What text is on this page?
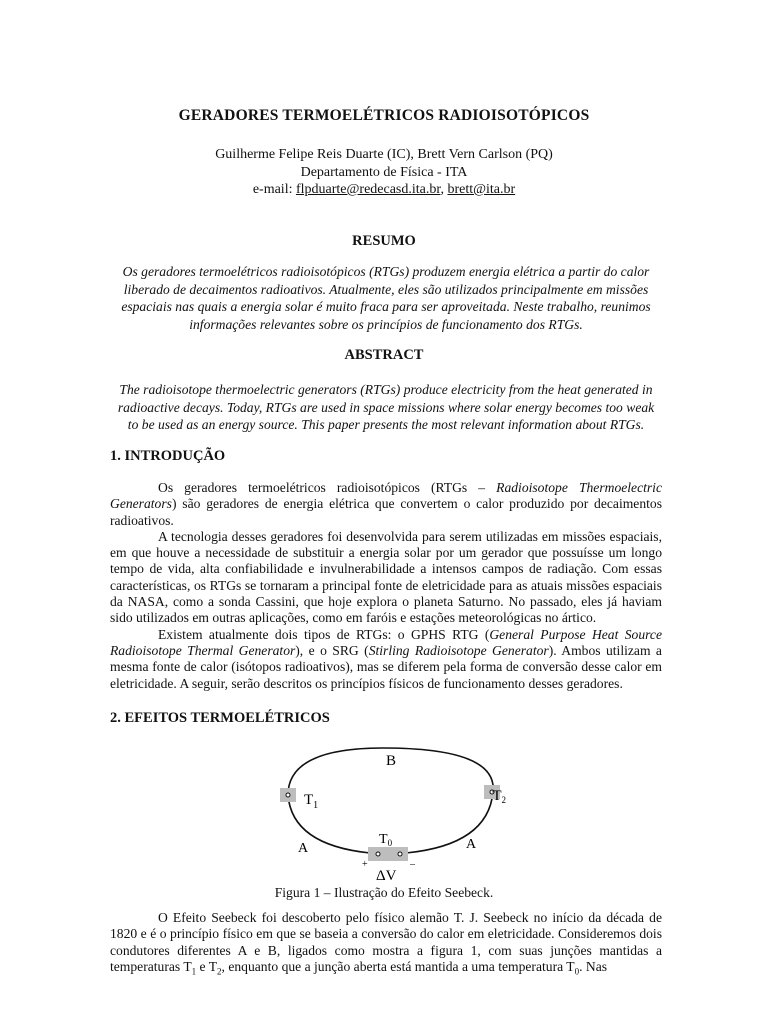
GERADORES TERMOELÉTRICOS RADIOISOTÓPICOS
Guilherme Felipe Reis Duarte (IC), Brett Vern Carlson (PQ)
Departamento de Física - ITA
e-mail: flpduarte@redecasd.ita.br, brett@ita.br
RESUMO
Os geradores termoelétricos radioisotópicos (RTGs) produzem energia elétrica a partir do calor liberado de decaimentos radioativos. Atualmente, eles são utilizados principalmente em missões espaciais nas quais a energia solar é muito fraca para ser aproveitada. Neste trabalho, reunimos informações relevantes sobre os princípios de funcionamento dos RTGs.
ABSTRACT
The radioisotope thermoelectric generators (RTGs) produce electricity from the heat generated in radioactive decays. Today, RTGs are used in space missions where solar energy becomes too weak to be used as an energy source. This paper presents the most relevant information about RTGs.
1. INTRODUÇÃO

Os geradores termoelétricos radioisotópicos (RTGs – Radioisotope Thermoelectric Generators) são geradores de energia elétrica que convertem o calor produzido por decaimentos radioativos.

A tecnologia desses geradores foi desenvolvida para serem utilizadas em missões espaciais, em que houve a necessidade de substituir a energia solar por um gerador que possuísse um longo tempo de vida, alta confiabilidade e invulnerabilidade a intensos campos de radiação. Com essas características, os RTGs se tornaram a principal fonte de eletricidade para as atuais missões espaciais da NASA, como a sonda Cassini, que hoje explora o planeta Saturno. No passado, eles já haviam sido utilizados em outras aplicações, como em faróis e estações meteorológicas no ártico.

Existem atualmente dois tipos de RTGs: o GPHS RTG (General Purpose Heat Source Radioisotope Thermal Generator), e o SRG (Stirling Radioisotope Generator). Ambos utilizam a mesma fonte de calor (isótopos radioativos), mas se diferem pela forma de conversão desse calor em eletricidade. A seguir, serão descritos os princípios físicos de funcionamento desses geradores.

2. EFEITOS TERMOELÉTRICOS
B
$T_1$
$T_2$
$T_0$
A	A
+	–
ΔV
Figura 1 – Ilustração do Efeito Seebeck.

O Efeito Seebeck foi descoberto pelo físico alemão T. J. Seebeck no início da década de 1820 e é o princípio físico em que se baseia a conversão do calor em eletricidade. Consideremos dois condutores diferentes A e B, ligados como mostra a figura 1, com suas junções mantidas a temperaturas $T_1$ e $T_2$, enquanto que a junção aberta está mantida a uma temperatura $T_0$. Nas
